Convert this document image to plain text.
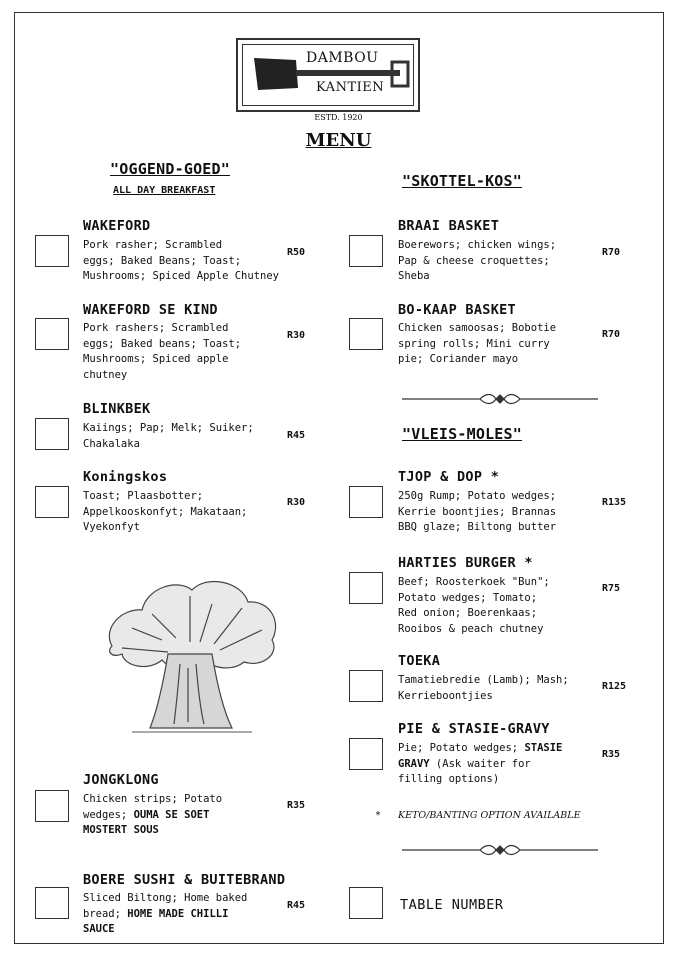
DAMBOU
KANTIEN
ESTD. 1920
MENU
"OGGEND-GOED"
ALL DAY BREAKFAST
"SKOTTEL-KOS"
"VLEIS-MOLES"
WAKEFORD
Pork rasher; Scrambled
eggs; Baked Beans; Toast;
Mushrooms; Spiced Apple Chutney
R50
WAKEFORD SE KIND
Pork rashers; Scrambled
eggs; Baked beans; Toast;
Mushrooms; Spiced apple
chutney
R30
BLINKBEK
Kaiings; Pap; Melk; Suiker;
Chakalaka
R45
Koningskos
Toast; Plaasbotter;
Appelkooskonfyt; Makataan;
Vyekonfyt
R30
JONGKLONG
Chicken strips; Potato
wedges; OUMA SE SOET
MOSTERT SOUS
R35
BOERE SUSHI & BUITEBRAND
Sliced Biltong; Home baked
bread; HOME MADE CHILLI
SAUCE
R45
BRAAI BASKET
Boerewors; chicken wings;
Pap & cheese croquettes;
Sheba
R70
BO-KAAP BASKET
Chicken samoosas; Bobotie
spring rolls; Mini curry
pie; Coriander mayo
R70
TJOP & DOP *
250g Rump; Potato wedges;
Kerrie boontjies; Brannas
BBQ glaze; Biltong butter
R135
HARTIES BURGER *
Beef; Roosterkoek "Bun";
Potato wedges; Tomato;
Red onion; Boerenkaas;
Rooibos & peach chutney
R75
TOEKA
Tamatiebredie (Lamb); Mash;
Kerrieboontjies
R125
PIE & STASIE-GRAVY
Pie; Potato wedges; STASIE
GRAVY (Ask waiter for
filling options)
R35
* KETO/BANTING OPTION AVAILABLE
TABLE NUMBER
